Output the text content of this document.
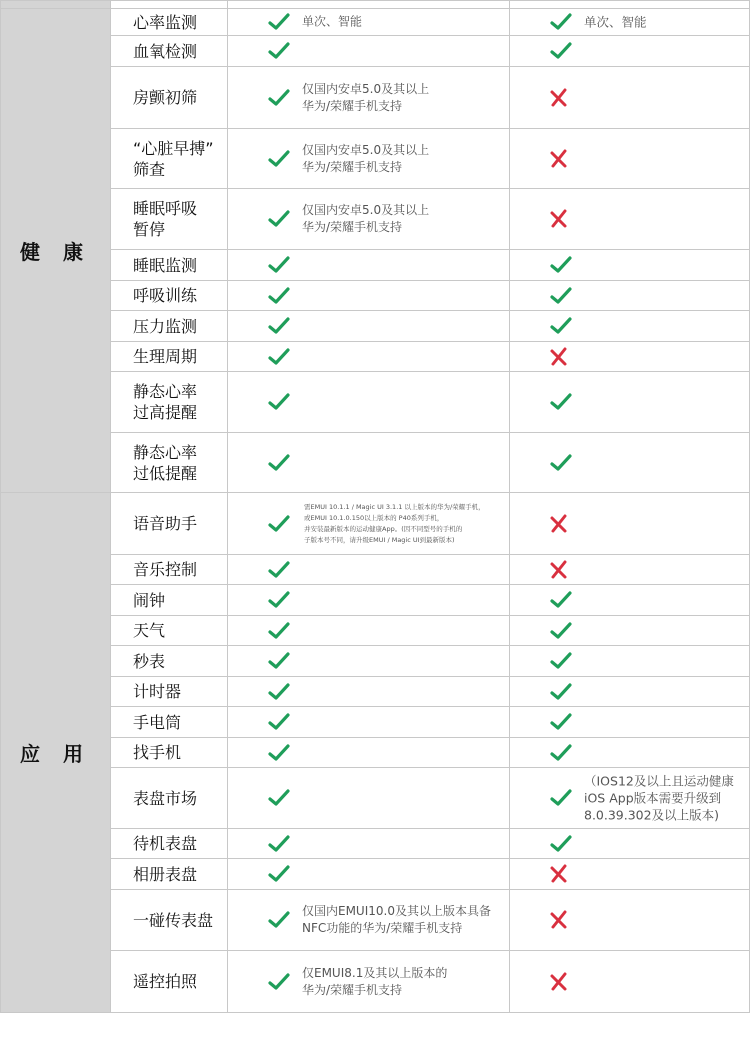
健 康	心率监测	单次、智能	单次、智能

	血氧检测	

	房颤初筛	仅国内安卓5.0及其以上
华为/荣耀手机支持

	“心脏早搏”
筛查	仅国内安卓5.0及其以上
华为/荣耀手机支持

	睡眠呼吸
暂停	仅国内安卓5.0及其以上
华为/荣耀手机支持

	睡眠监测	

	呼吸训练	

	压力监测	

	生理周期	

	静态心率
过高提醒	

	静态心率
过低提醒	

应 用	语音助手	需EMUI 10.1.1 / Magic UI 3.1.1 以上版本的华为/荣耀手机，
或EMUI 10.1.0.150以上版本的 P40系列手机，
并安装最新版本的运动健康App。(因不同型号的手机的
子版本号不同，请升级EMUI / Magic UI到最新版本)

	音乐控制	

	闹钟	

	天气	

	秒表	

	计时器	

	手电筒	

	找手机	

	表盘市场		（IOS12及以上且运动健康
iOS App版本需要升级到
8.0.39.302及以上版本)

	待机表盘	

	相册表盘	

	一碰传表盘	仅国内EMUI10.0及其以上版本具备
NFC功能的华为/荣耀手机支持

	遥控拍照	仅EMUI8.1及其以上版本的
华为/荣耀手机支持
